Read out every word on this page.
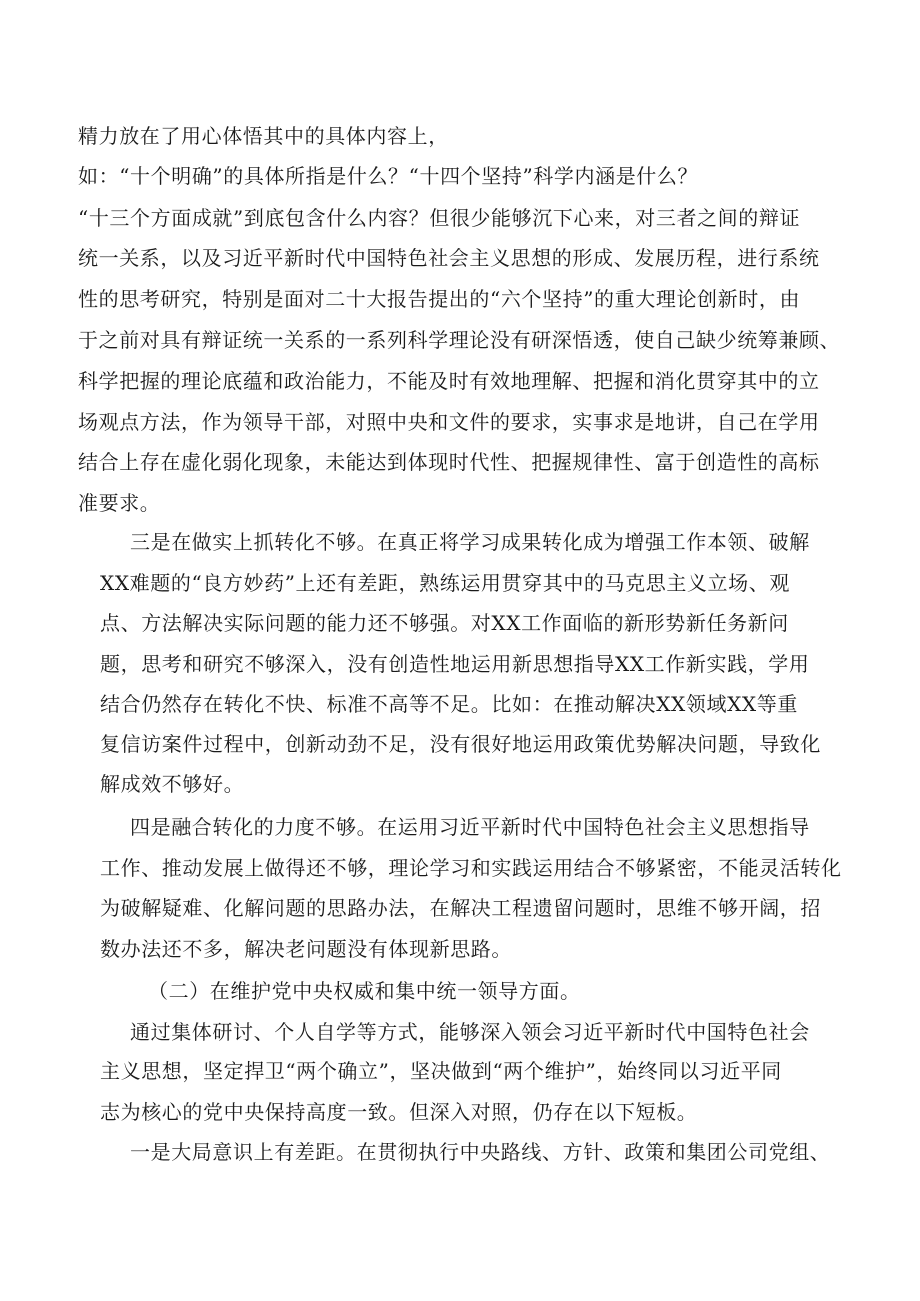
精力放在了用心体悟其中的具体内容上，
如：“十个明确”的具体所指是什么？“十四个坚持”科学内涵是什么？
“十三个方面成就”到底包含什么内容？但很少能够沉下心来，对三者之间的辩证
统一关系，以及习近平新时代中国特色社会主义思想的形成、发展历程，进行系统
性的思考研究，特别是面对二十大报告提出的“六个坚持”的重大理论创新时，由
于之前对具有辩证统一关系的一系列科学理论没有研深悟透，使自己缺少统筹兼顾、
科学把握的理论底蕴和政治能力，不能及时有效地理解、把握和消化贯穿其中的立
场观点方法，作为领导干部，对照中央和文件的要求，实事求是地讲，自己在学用
结合上存在虚化弱化现象，未能达到体现时代性、把握规律性、富于创造性的高标
准要求。
三是在做实上抓转化不够。在真正将学习成果转化成为增强工作本领、破解
XX难题的“良方妙药”上还有差距，熟练运用贯穿其中的马克思主义立场、观
点、方法解决实际问题的能力还不够强。对XX工作面临的新形势新任务新问
题，思考和研究不够深入，没有创造性地运用新思想指导XX工作新实践，学用
结合仍然存在转化不快、标准不高等不足。比如：在推动解决XX领域XX等重
复信访案件过程中，创新动劲不足，没有很好地运用政策优势解决问题，导致化
解成效不够好。
四是融合转化的力度不够。在运用习近平新时代中国特色社会主义思想指导
工作、推动发展上做得还不够，理论学习和实践运用结合不够紧密，不能灵活转化
为破解疑难、化解问题的思路办法，在解决工程遗留问题时，思维不够开阔，招
数办法还不多，解决老问题没有体现新思路。
（二）在维护党中央权威和集中统一领导方面。
通过集体研讨、个人自学等方式，能够深入领会习近平新时代中国特色社会
主义思想，坚定捍卫“两个确立”，坚决做到“两个维护”，始终同以习近平同
志为核心的党中央保持高度一致。但深入对照，仍存在以下短板。
一是大局意识上有差距。在贯彻执行中央路线、方针、政策和集团公司党组、
